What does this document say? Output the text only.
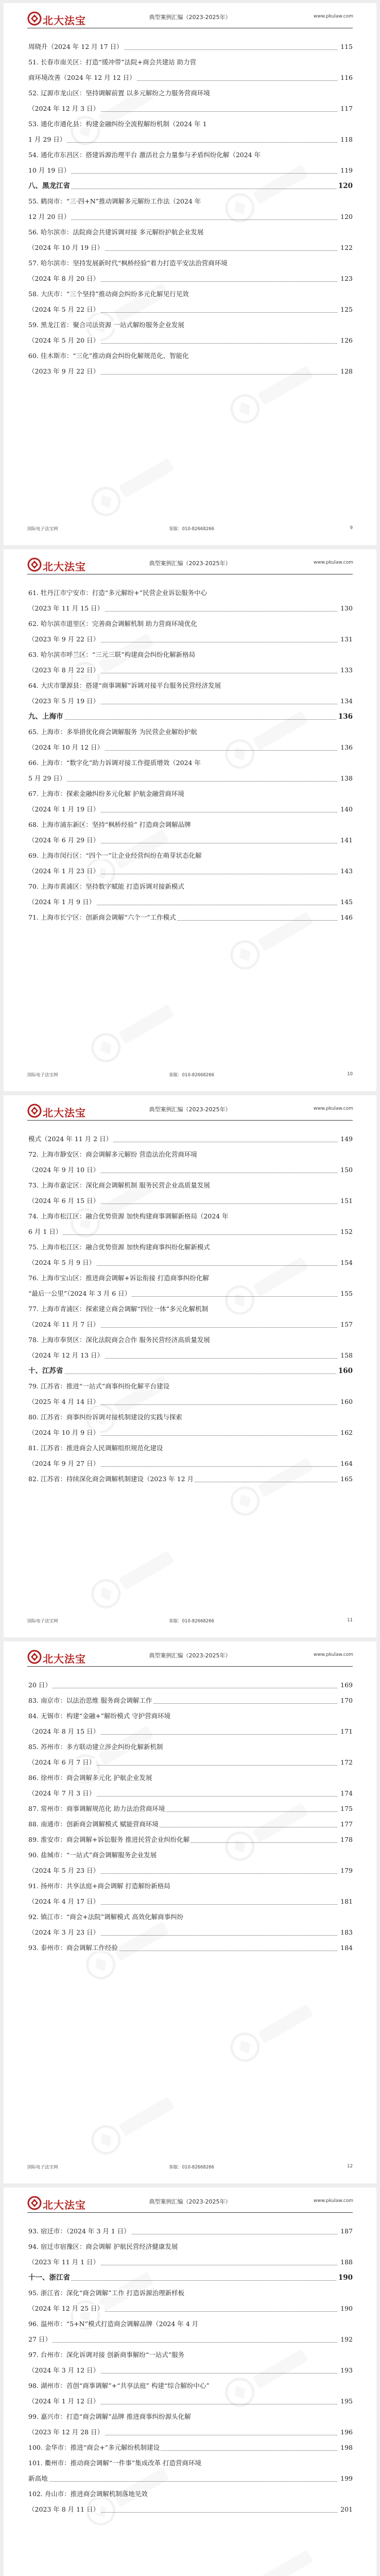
北大法宝	典型案例汇编（2023-2025年）	www.pkulaw.com
周晓升（2024 年 12 月 17 日）	115
51. 长春市南关区：打造“缓冲带”法院+商会共建站 助力营
商环境改善（2024 年 12 月 12 日）	116
52. 辽源市龙山区：坚持调解前置 以多元解纷之力服务营商环境
（2024 年 12 月 3 日）	117
53. 通化市通化县：构建金融纠纷全流程解纷机制（2024 年 1
1 月 29 日）	118
54. 通化市东昌区：搭建诉源治理平台 激活社会力量参与矛盾纠纷化解（2024 年
10 月 19 日）	119
八、黑龙江省	120
55. 鹤岗市：“三·四+N”推动调解多元解纷工作法（2024 年
12 月 20 日）	120
56. 哈尔滨市：法院商会共建诉调对接 多元解纷护航企业发展
（2024 年 10 月 19 日）	122
57. 哈尔滨市：坚持发展新时代“枫桥经验”着力打造平安法治营商环境
（2024 年 8 月 20 日）	123
58. 大庆市：“三个坚持”推动商会纠纷多元化解见行见效
（2024 年 5 月 22 日）	125
59. 黑龙江省：聚合司法资源 一站式解纷服务企业发展
（2024 年 5 月 20 日）	126
60. 佳木斯市：“三化”推动商会纠纷化解规范化、智能化
（2023 年 9 月 22 日）	128
国际电子法宝网	客服：010-82668266	9
北大法宝	典型案例汇编（2023-2025年）	www.pkulaw.com
61. 牡丹江市宁安市：打造“多元解纷+”民营企业诉讼服务中心
（2023 年 11 月 15 日）	130
62. 哈尔滨市道里区：完善商会调解机制 助力营商环境优化
（2023 年 9 月 22 日）	131
63. 哈尔滨市呼兰区：“三元三联”构建商会纠纷化解新格局
（2023 年 8 月 22 日）	133
64. 大庆市肇源县：搭建“商事调解”诉调对接平台服务民营经济发展
（2023 年 5 月 19 日）	134
九、上海市	136
65. 上海市：多举措优化商会调解服务 为民营企业解纷护航
（2024 年 10 月 12 日）	136
66. 上海市：“数字化”助力诉调对接工作提质增效（2024 年
5 月 29 日）	138
67. 上海市：探索金融纠纷多元化解 护航金融营商环境
（2024 年 1 月 19 日）	140
68. 上海市浦东新区：坚持“枫桥经验” 打造商会调解品牌
（2024 年 6 月 29 日）	141
69. 上海市闵行区：“四个一”让企业经营纠纷在萌芽状态化解
（2024 年 1 月 23 日）	143
70. 上海市黄浦区：坚持数字赋能 打造诉调对接新模式
（2024 年 1 月 9 日）	145
71. 上海市长宁区：创新商会调解“六个一”工作模式	146
国际电子法宝网	客服：010-82668266	10
北大法宝	典型案例汇编（2023-2025年）	www.pkulaw.com
模式（2024 年 11 月 2 日）	149
72. 上海市静安区：商会调解多元解纷 营造法治化营商环境
（2024 年 9 月 10 日）	150
73. 上海市嘉定区：深化商会调解机制 服务民营企业高质量发展
（2024 年 6 月 15 日）	151
74. 上海市松江区：融合优势资源 加快构建商事调解新格局（2024 年
6 月 1 日）	152
75. 上海市松江区：融合优势资源 加快构建商事纠纷化解新模式
（2024 年 5 月 9 日）	154
76. 上海市宝山区：推进商会调解+诉讼衔接 打造商事纠纷化解
“最后一公里”（2024 年 3 月 6 日）	155
77. 上海市青浦区：探索建立商会调解“四位一体”多元化解机制
（2024 年 11 月 7 日）	157
78. 上海市奉贤区：深化法院商会合作 服务民营经济高质量发展
（2024 年 12 月 13 日）	158
十、江苏省	160
79. 江苏省：推进“一站式”商事纠纷化解平台建设
（2025 年 4 月 14 日）	160
80. 江苏省：商事纠纷诉调对接机制建设的实践与探索
（2024 年 10 月 9 日）	162
81. 江苏省：推进商会人民调解组织规范化建设
（2024 年 9 月 27 日）	164
82. 江苏省：持续深化商会调解机制建设（2023 年 12 月	165
国际电子法宝网	客服：010-82668266	11
北大法宝	典型案例汇编（2023-2025年）	www.pkulaw.com
20 日）	169
83. 南京市：以法治思维 服务商会调解工作	170
84. 无锡市：构建“金融+”解纷模式 守护营商环境
（2024 年 8 月 15 日）	171
85. 苏州市：多方联动建立涉企纠纷化解新机制
（2024 年 6 月 7 日）	172
86. 徐州市：商会调解多元化 护航企业发展
（2024 年 7 月 3 日）	174
87. 常州市：商事调解规范化 助力法治营商环境	175
88. 南通市：创新商会调解模式 赋能营商环境	177
89. 淮安市：商会调解+诉讼服务 推进民营企业纠纷化解	178
90. 盐城市：“一站式”商会调解服务企业发展
（2024 年 5 月 23 日）	179
91. 扬州市：共享法庭+商会调解 打造解纷新格局
（2024 年 4 月 17 日）	181
92. 镇江市：“商会+法院”调解模式 高效化解商事纠纷
（2024 年 3 月 23 日）	183
93. 泰州市：商会调解工作经验	184
国际电子法宝网	客服：010-82668266	12
北大法宝	典型案例汇编（2023-2025年）	www.pkulaw.com
93. 宿迁市：（2024 年 3 月 1 日）	187
94. 宿迁市宿豫区：商会调解 护航民营经济健康发展
（2023 年 11 月 1 日）	188
十一、浙江省	190
95. 浙江省：深化“商会调解”工作 打造诉源治理新样板
（2024 年 12 月 25 日）	190
96. 温州市：“5+N”模式打造商会调解品牌（2024 年 4 月
27 日）	192
97. 台州市：深化诉调对接 创新商事解纷“一站式”服务
（2024 年 3 月 12 日）	193
98. 湖州市：首创“商事调解”+“共享法庭” 构建“综合解纷中心”
（2024 年 1 月 12 日）	195
99. 嘉兴市：打造“商会调解”品牌 推进商事纠纷源头化解
（2023 年 12 月 28 日）	196
100. 金华市：推进“商会+”多元解纷机制建设	198
101. 衢州市：推动商会调解“一件事”集成改革 打造营商环境
新高地	199
102. 舟山市：推进商会调解机制落地见效
（2023 年 8 月 11 日）	201
